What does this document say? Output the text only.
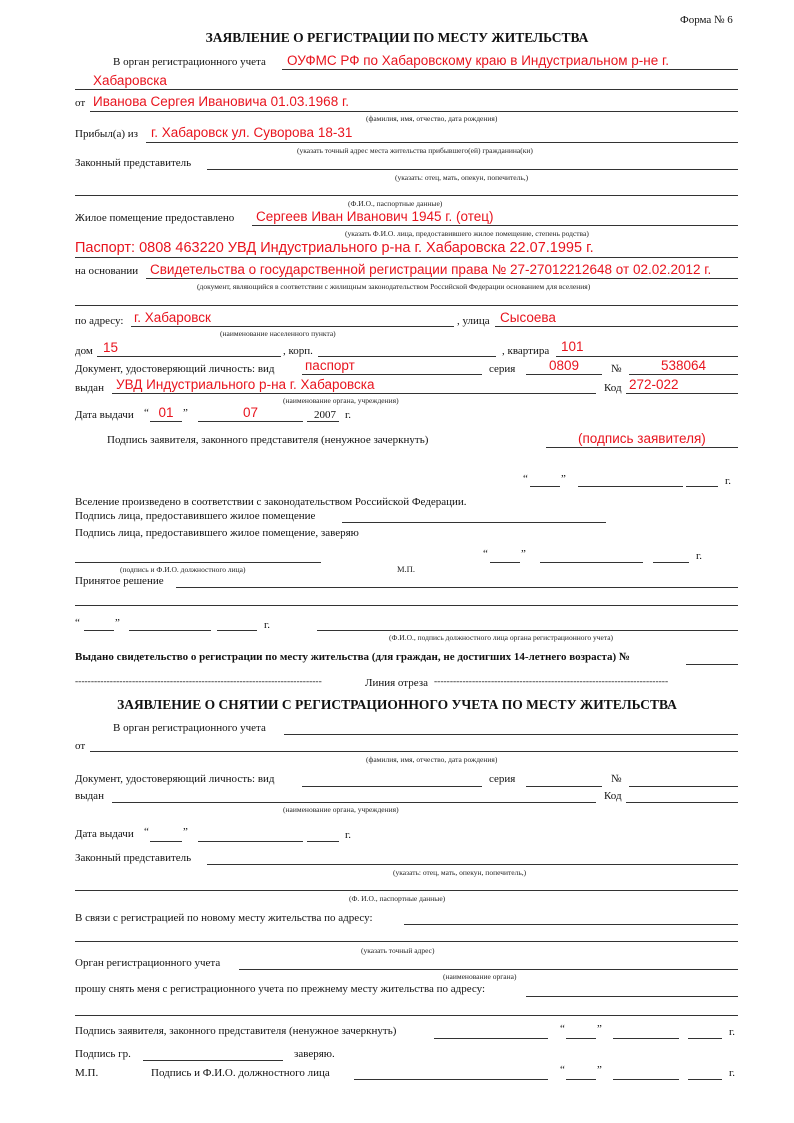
Форма № 6
ЗАЯВЛЕНИЕ О РЕГИСТРАЦИИ ПО МЕСТУ ЖИТЕЛЬСТВА
В орган регистрационного учета ОУФМС РФ по Хабаровскому краю в Индустриальном р-не г.
Хабаровска
от Иванова Сергея Ивановича 01.03.1968 г.
(фамилия, имя, отчество, дата рождения)
Прибыл(а) из г. Хабаровск ул. Суворова 18-31
(указать точный адрес места жительства прибывшего(ей) гражданина(ки)
Законный представитель
(указать: отец, мать, опекун, попечитель,)
(Ф.И.О., паспортные данные)
Жилое помещение предоставлено Сергеев Иван Иванович 1945 г. (отец)
(указать Ф.И.О. лица, предоставившего жилое помещение, степень родства)
Паспорт: 0808 463220 УВД Индустриального р-на г. Хабаровска 22.07.1995 г.
на основании Свидетельства о государственной регистрации права № 27-27012212648 от 02.02.2012 г.
(документ, являющийся в соответствии с жилищным законодательством Российской Федерации основанием для вселения)
по адресу: г. Хабаровск
(наименование населенного пункта)
, улица Сысоева
дом 15	, корп.	, квартира 101
Документ, удостоверяющий личность: вид паспорт	серия	0809	№	538064
выдан УВД Индустриального р-на г. Хабаровска	Код 272-022
(наименование органа, учреждения)
Дата выдачи “ 01 ”	07	2007 г.
Подпись заявителя, законного представителя (ненужное зачеркнуть)	(подпись заявителя)
“	”	г.
Вселение произведено в соответствии с законодательством Российской Федерации.
Подпись лица, предоставившего жилое помещение
Подпись лица, предоставившего жилое помещение, заверяю
“	”	г.
(подпись и Ф.И.О. должностного лица)	М.П.
Принятое решение
“	”	г.
(Ф.И.О., подпись должностного лица органа регистрационного учета)
Выдано свидетельство о регистрации по месту жительства (для граждан, не достигших 14-летнего возраста) №
------------------------------------------------------------------------------	Линия отреза --------------------------------------------------------------------------
ЗАЯВЛЕНИЕ О СНЯТИИ С РЕГИСТРАЦИОННОГО УЧЕТА ПО МЕСТУ ЖИТЕЛЬСТВА
В орган регистрационного учета
от
(фамилия, имя, отчество, дата рождения)
Документ, удостоверяющий личность: вид	серия	№
выдан	Код
(наименование органа, учреждения)
Дата выдачи “	”	г.
Законный представитель
(указать: отец, мать, опекун, попечитель,)
(Ф. И.О., паспортные данные)
В связи с регистрацией по новому месту жительства по адресу:
(указать точный адрес)
Орган регистрационного учета
(наименование органа)
прошу снять меня с регистрационного учета по прежнему месту жительства по адресу:
Подпись заявителя, законного представителя (ненужное зачеркнуть)	“	”	г.
Подпись гр.	заверяю.
М.П.	Подпись и Ф.И.О. должностного лица	“	”	г.
